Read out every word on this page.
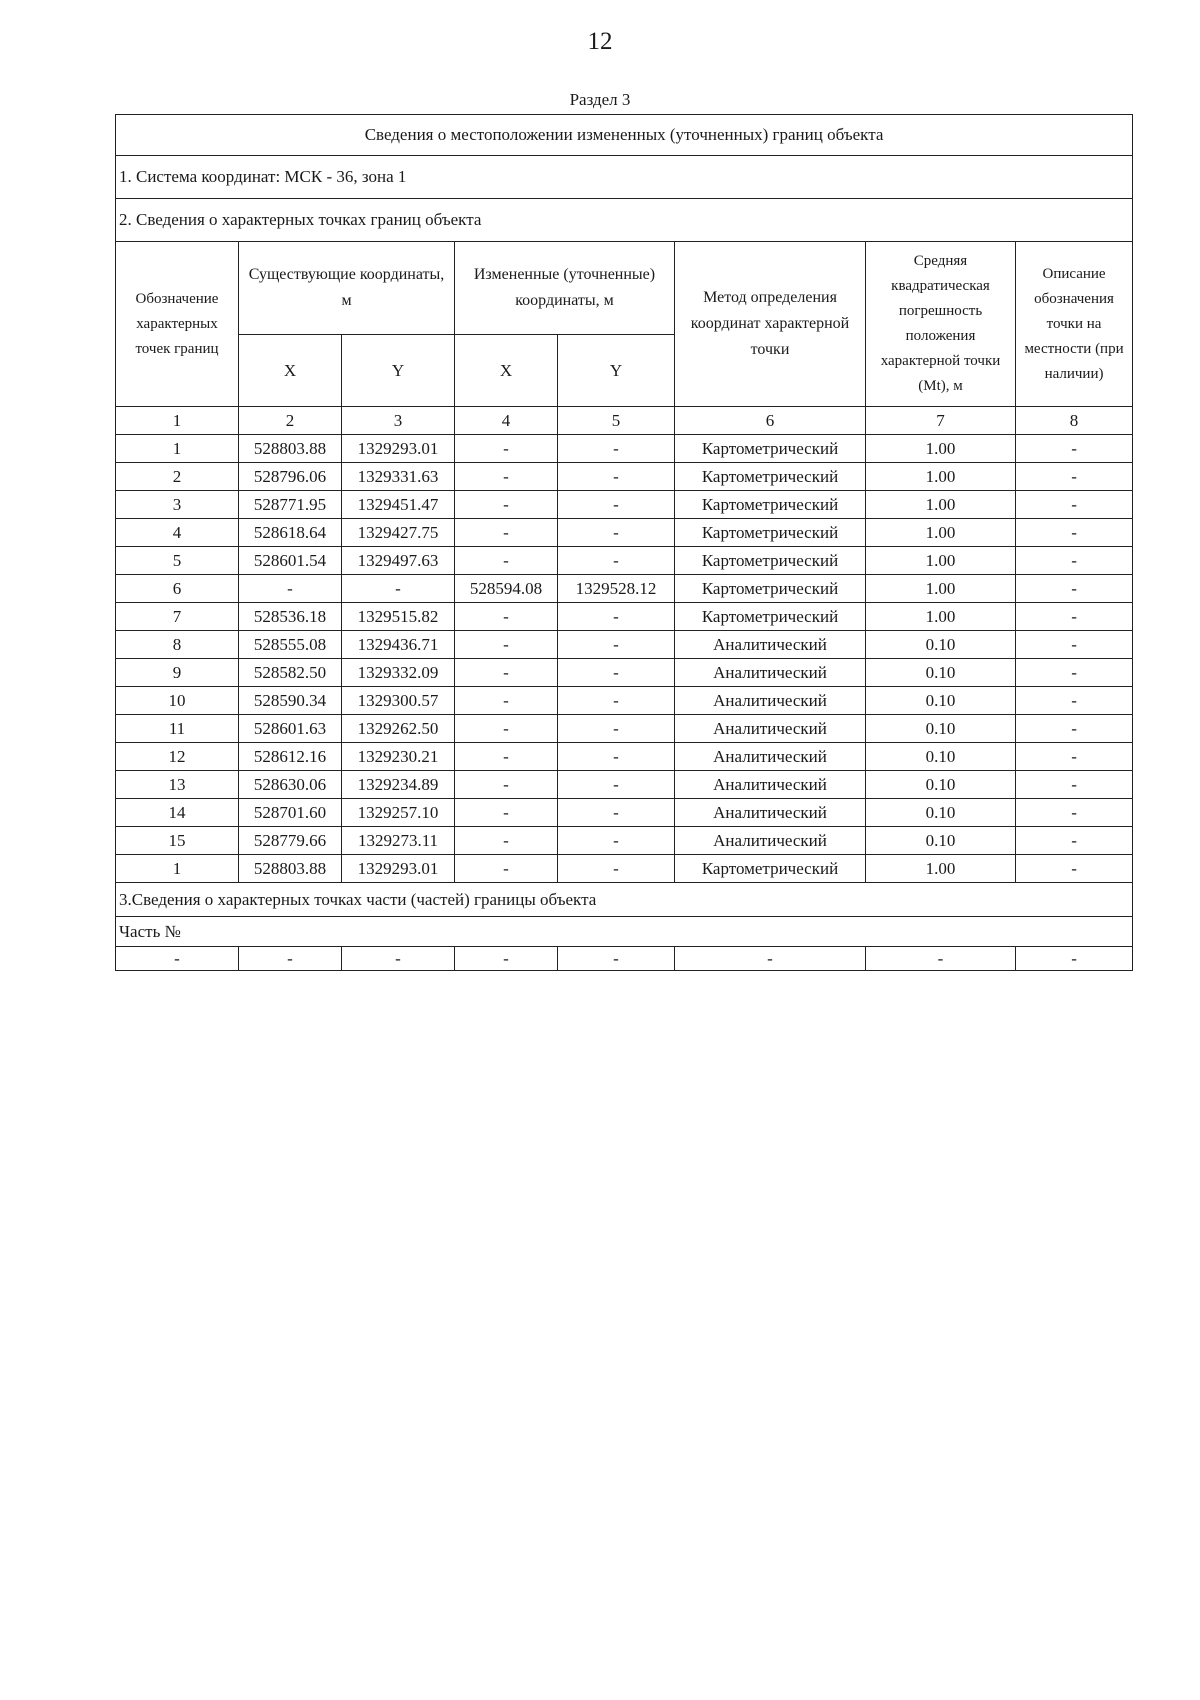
12
Раздел 3
Сведения о местоположении измененных (уточненных) границ объекта							
1. Система координат: МСК - 36, зона 1							
2. Сведения о характерных точках границ объекта							
Обозначение характерных точек границ	Существующие координаты, м		Измененные (уточненные) координаты, м		Метод определения координат характерной точки	Средняя квадратическая погрешность положения характерной точки (Mt), м	Описание обозначения точки на местности (при наличии)
	X	Y	X	Y			
1	2	3	4	5	6	7	8
1	528803.88	1329293.01	-	-	Картометрический	1.00	-
2	528796.06	1329331.63	-	-	Картометрический	1.00	-
3	528771.95	1329451.47	-	-	Картометрический	1.00	-
4	528618.64	1329427.75	-	-	Картометрический	1.00	-
5	528601.54	1329497.63	-	-	Картометрический	1.00	-
6	-	-	528594.08	1329528.12	Картометрический	1.00	-
7	528536.18	1329515.82	-	-	Картометрический	1.00	-
8	528555.08	1329436.71	-	-	Аналитический	0.10	-
9	528582.50	1329332.09	-	-	Аналитический	0.10	-
10	528590.34	1329300.57	-	-	Аналитический	0.10	-
11	528601.63	1329262.50	-	-	Аналитический	0.10	-
12	528612.16	1329230.21	-	-	Аналитический	0.10	-
13	528630.06	1329234.89	-	-	Аналитический	0.10	-
14	528701.60	1329257.10	-	-	Аналитический	0.10	-
15	528779.66	1329273.11	-	-	Аналитический	0.10	-
1	528803.88	1329293.01	-	-	Картометрический	1.00	-
3.Сведения о характерных точках части (частей) границы объекта							
Часть №							
-	-	-	-	-	-	-	-
